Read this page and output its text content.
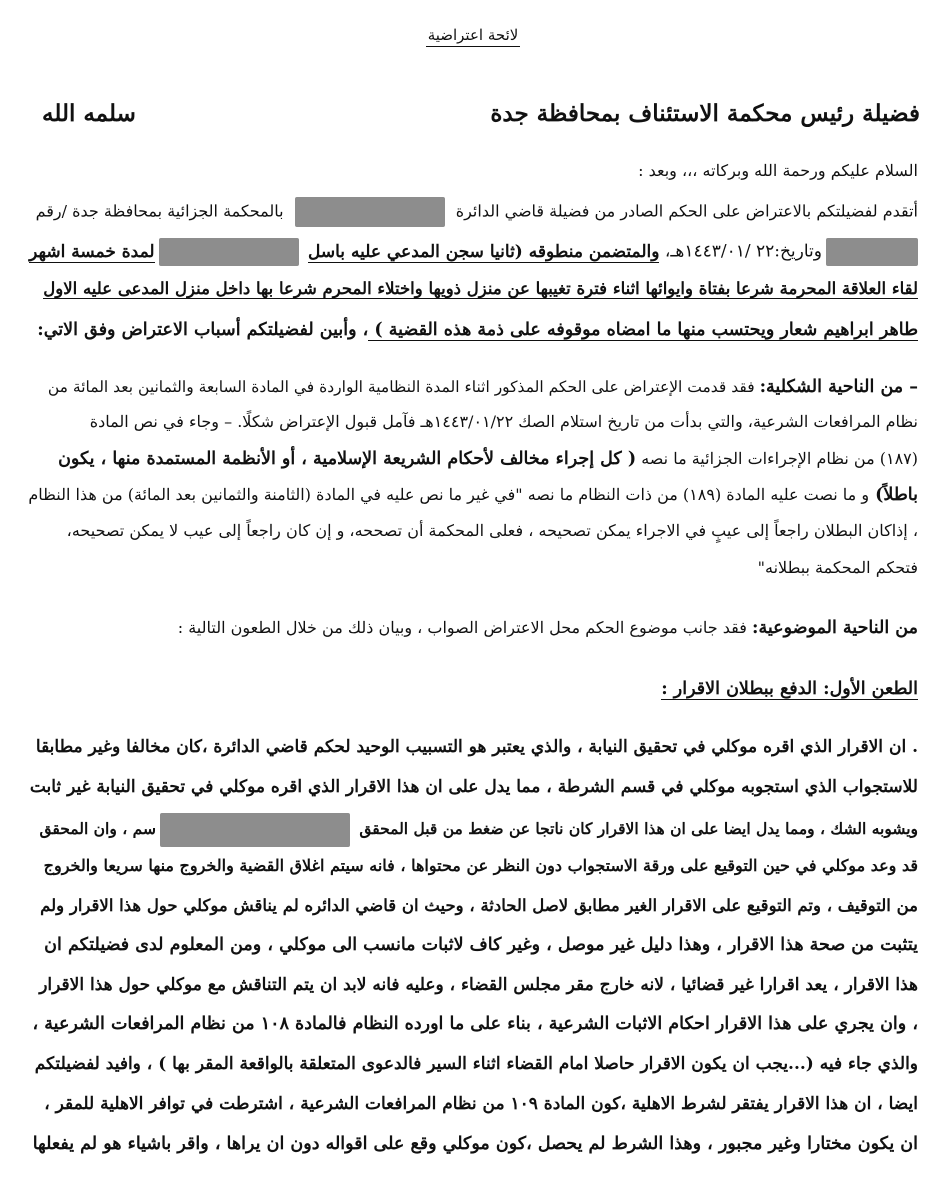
لائحة اعتراضية
فضيلة رئيس محكمة الاستئناف بمحافظة جدة
سلمه الله
السلام عليكم ورحمة الله وبركاته ،،، وبعد :
أتقدم لفضيلتكم بالاعتراض على الحكم الصادر من فضيلة قاضي الدائرة  بالمحكمة الجزائية بمحافظة جدة /رقم
وتاريخ:٢٢ /١٤٤٣/٠١هـ، والمتضمن منطوقه (ثانيا سجن المدعي عليه باسل لمدة خمسة اشهر
لقاء العلاقة المحرمة شرعا بفتاة وايوائها اثناء فترة تغيبها عن منزل ذويها واختلاء المحرم شرعا بها داخل منزل المدعى عليه الاول
طاهر ابراهيم شعار ويحتسب منها ما امضاه موقوفه على ذمة هذه القضية ) ، وأبين لفضيلتكم أسباب الاعتراض وفق الاتي:
– من الناحية الشكلية: فقد قدمت الإعتراض على الحكم المذكور اثناء المدة النظامية الواردة في المادة السابعة والثمانين بعد المائة من
نظام المرافعات الشرعية، والتي بدأت من تاريخ استلام الصك ١٤٤٣/٠١/٢٢هـ فآمل قبول الإعتراض شكلًا. – وجاء في نص المادة
(١٨٧) من نظام الإجراءات الجزائية ما نصه ( كل إجراء مخالف لأحكام الشريعة الإسلامية ، أو الأنظمة المستمدة منها ، يكون
باطلاً) و ما نصت عليه المادة (١٨٩) من ذات النظام ما نصه "في غير ما نص عليه في المادة (الثامنة والثمانين بعد المائة) من هذا النظام
، إذاكان البطلان راجعاً إلى عيبٍ في الاجراء يمكن تصحيحه ، فعلى المحكمة أن تصححه، و إن كان راجعاً إلى عيب لا يمكن تصحيحه،
فتحكم المحكمة ببطلانه"
من الناحية الموضوعية: فقد جانب موضوع الحكم محل الاعتراض الصواب ، وبيان ذلك من خلال الطعون التالية :
الطعن الأول: الدفع ببطلان الاقرار :
. ان الاقرار الذي اقره موكلي في تحقيق النيابة ، والذي يعتبر هو التسبيب الوحيد لحكم قاضي الدائرة ،كان مخالفا وغير مطابقا
للاستجواب الذي استجوبه موكلي في قسم الشرطة ، مما يدل على ان هذا الاقرار الذي اقره موكلي في تحقيق النيابة غير ثابت
ويشوبه الشك ، ومما يدل ايضا على ان هذا الاقرار كان ناتجا عن ضغط من قبل المحقق سم ، وان المحقق
قد وعد موكلي في حين التوقيع على ورقة الاستجواب دون النظر عن محتواها ، فانه سيتم اغلاق القضية والخروج منها سريعا والخروج
من التوقيف ، وتم التوقيع على الاقرار الغير مطابق لاصل الحادثة ، وحيث ان قاضي الدائره لم يناقش موكلي حول هذا الاقرار ولم
يتثبت من صحة هذا الاقرار ، وهذا دليل غير موصل ، وغير كاف لاثبات مانسب الى موكلي ، ومن المعلوم لدى فضيلتكم ان
هذا الاقرار ، يعد اقرارا غير قضائيا ، لانه خارج مقر مجلس القضاء ، وعليه فانه لابد ان يتم التناقش مع موكلي حول هذا الاقرار
، وان يجري على هذا الاقرار احكام الاثبات الشرعية ، بناء على ما اورده النظام فالمادة ١٠٨ من نظام المرافعات الشرعية ،
والذي جاء فيه (...يجب ان يكون الاقرار حاصلا امام القضاء اثناء السير فالدعوى المتعلقة بالواقعة المقر بها ) ، وافيد لفضيلتكم
ايضا ، ان هذا الاقرار يفتقر لشرط الاهلية ،كون المادة ١٠٩ من نظام المرافعات الشرعية ، اشترطت في توافر الاهلية للمقر ،
ان يكون مختارا وغير مجبور ، وهذا الشرط لم يحصل ،كون موكلي وقع على اقواله دون ان يراها ، واقر باشياء هو لم يفعلها
